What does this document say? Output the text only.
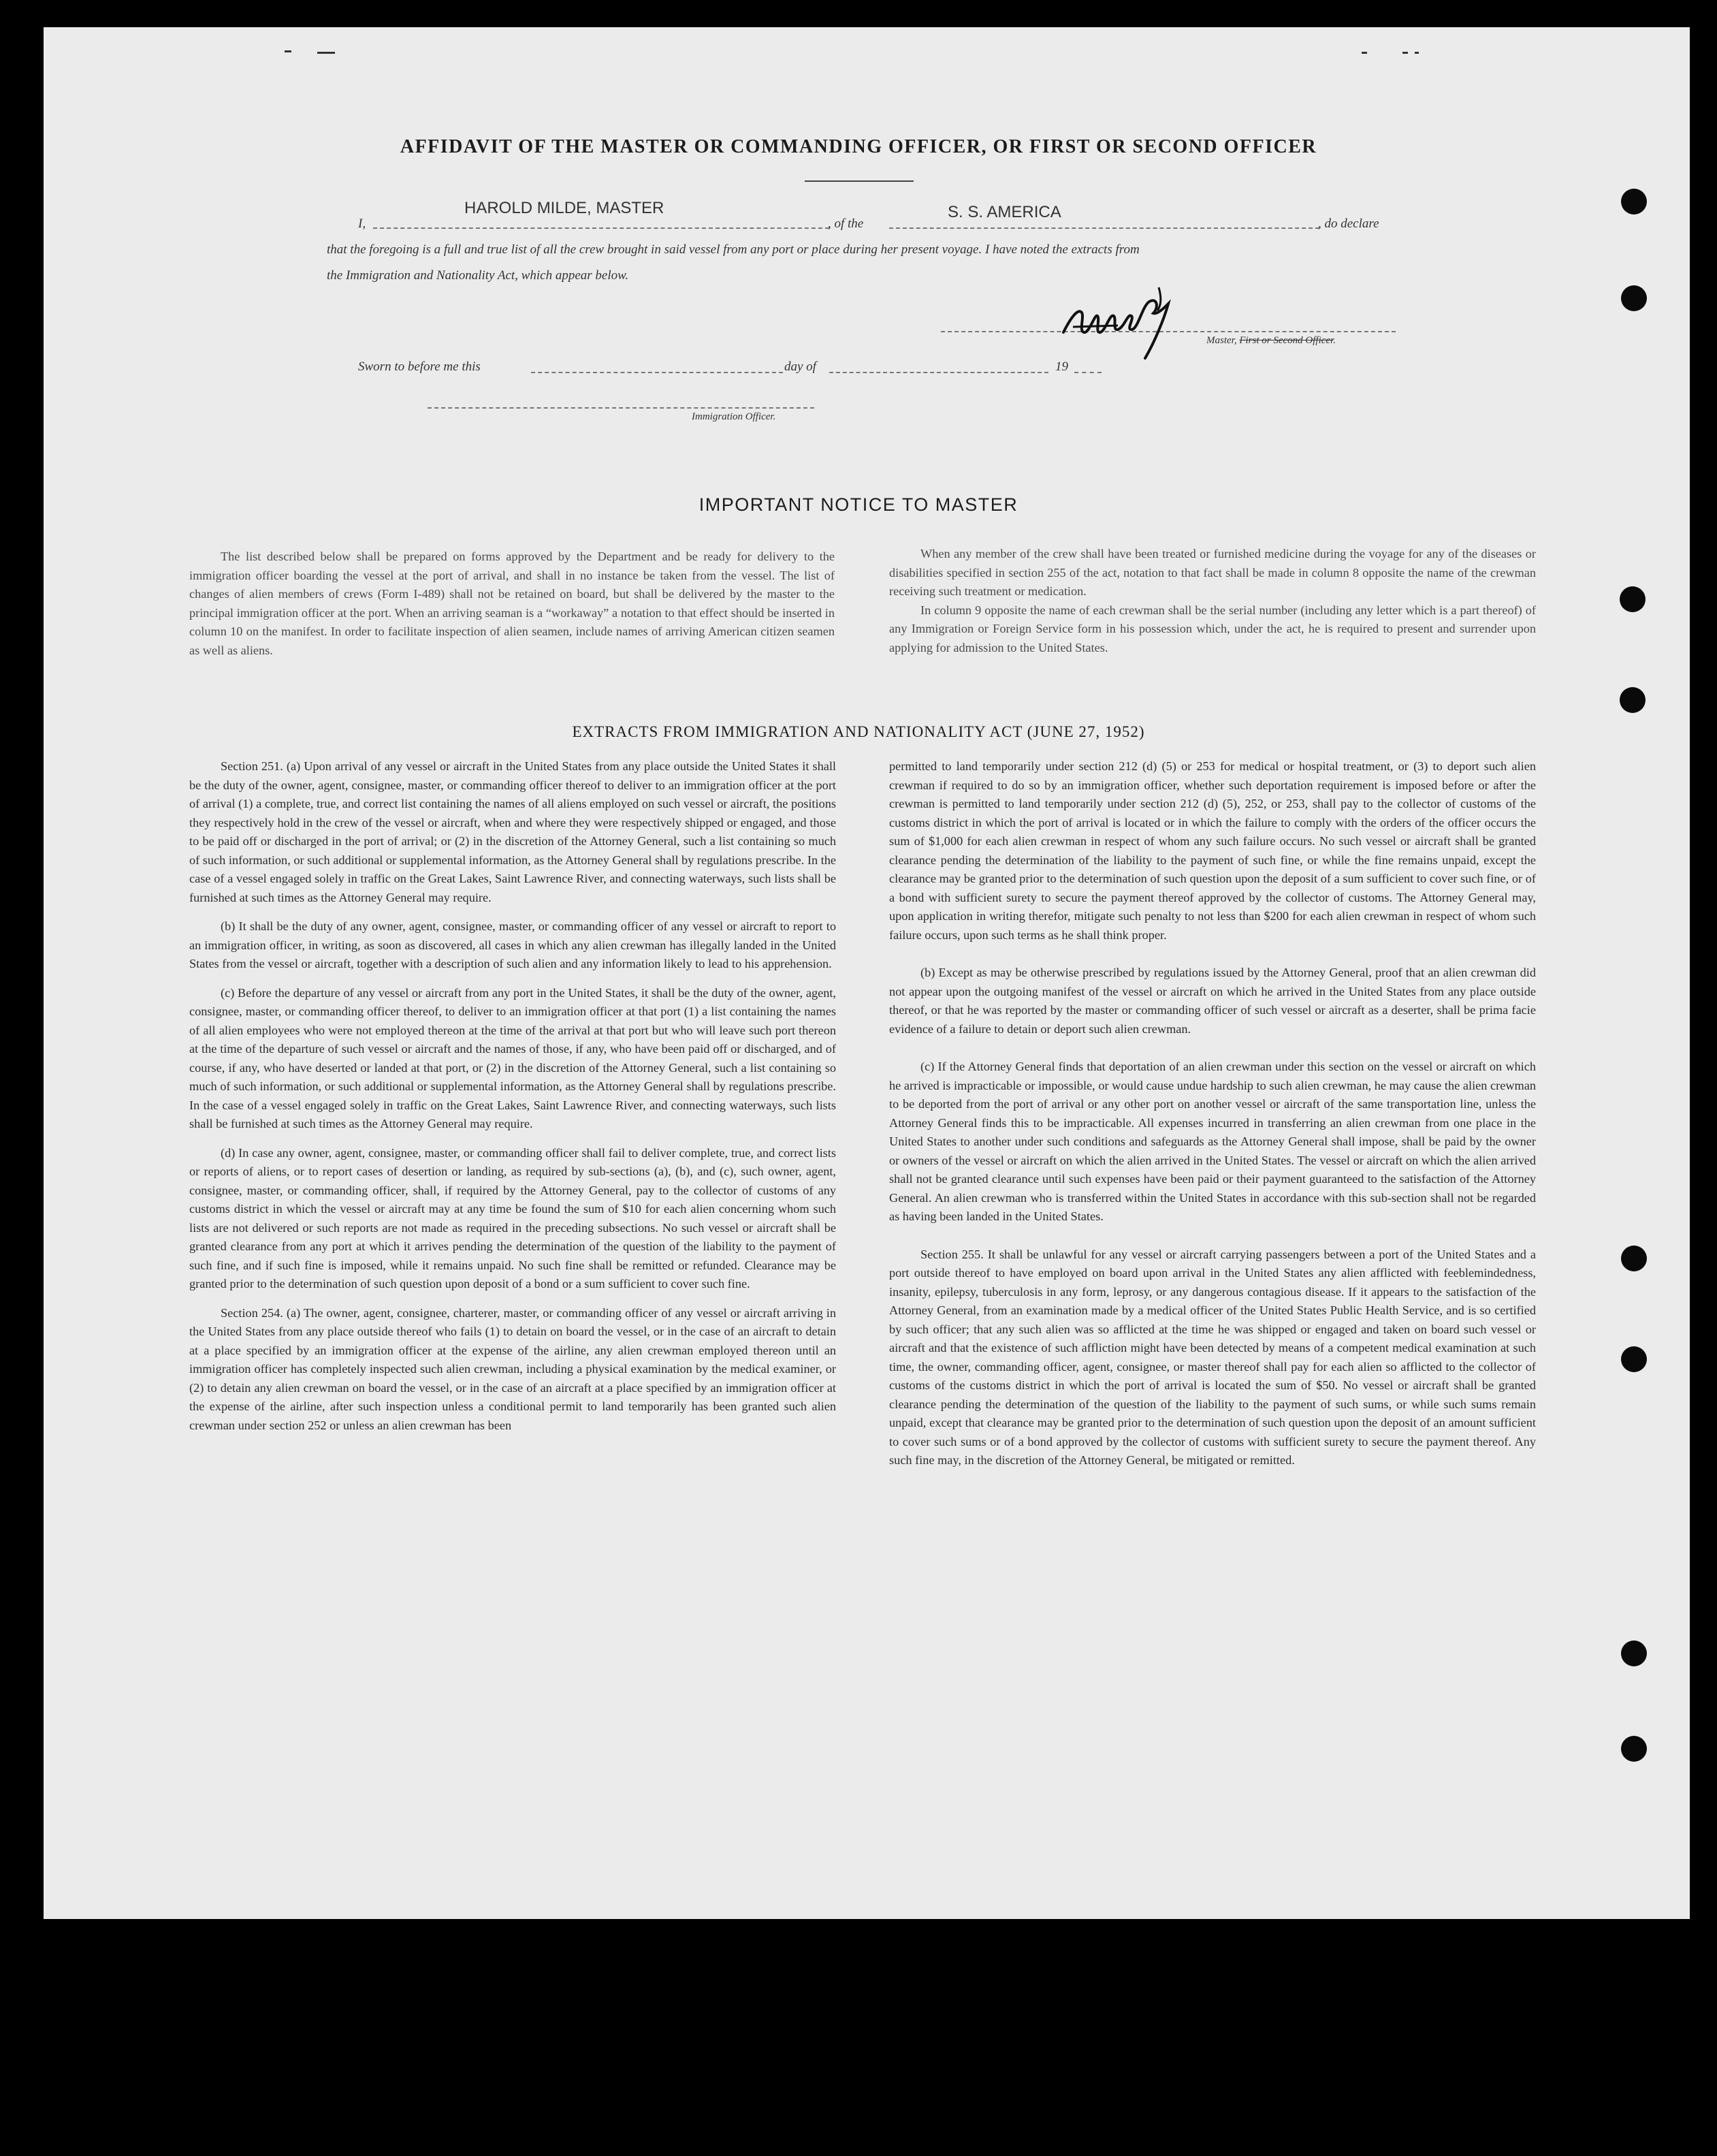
AFFIDAVIT OF THE MASTER OR COMMANDING OFFICER, OR FIRST OR SECOND OFFICER
I,
HAROLD MILDE, MASTER
, of the
S. S. AMERICA
, do declare
that the foregoing is a full and true list of all the crew brought in said vessel from any port or place during her present voyage. I have noted the extracts from
the Immigration and Nationality Act, which appear below.
Master, First or Second Officer.
Sworn to before me this	day of	19
Immigration Officer.
IMPORTANT NOTICE TO MASTER

The list described below shall be prepared on forms approved by the Department and be ready for delivery to the immigration officer boarding the vessel at the port of arrival, and shall in no instance be taken from the vessel. The list of changes of alien members of crews (Form I-489) shall not be retained on board, but shall be delivered by the master to the principal immigration officer at the port. When an arriving seaman is a “workaway” a notation to that effect should be inserted in column 10 on the manifest. In order to facilitate inspection of alien seamen, include names of arriving American citizen seamen as well as aliens.

When any member of the crew shall have been treated or furnished medicine during the voyage for any of the diseases or disabilities specified in section 255 of the act, notation to that fact shall be made in column 8 opposite the name of the crewman receiving such treatment or medication.

In column 9 opposite the name of each crewman shall be the serial number (including any letter which is a part thereof) of any Immigration or Foreign Service form in his possession which, under the act, he is required to present and surrender upon applying for admission to the United States.

EXTRACTS FROM IMMIGRATION AND NATIONALITY ACT (JUNE 27, 1952)

Section 251. (a) Upon arrival of any vessel or aircraft in the United States from any place outside the United States it shall be the duty of the owner, agent, consignee, master, or commanding officer thereof to deliver to an immigration officer at the port of arrival (1) a complete, true, and correct list containing the names of all aliens employed on such vessel or aircraft, the positions they respectively hold in the crew of the vessel or aircraft, when and where they were respectively shipped or engaged, and those to be paid off or discharged in the port of arrival; or (2) in the discretion of the Attorney General, such a list containing so much of such information, or such additional or supplemental information, as the Attorney General shall by regulations prescribe. In the case of a vessel engaged solely in traffic on the Great Lakes, Saint Lawrence River, and connecting waterways, such lists shall be furnished at such times as the Attorney General may require.

(b) It shall be the duty of any owner, agent, consignee, master, or commanding officer of any vessel or aircraft to report to an immigration officer, in writing, as soon as discovered, all cases in which any alien crewman has illegally landed in the United States from the vessel or aircraft, together with a description of such alien and any information likely to lead to his apprehension.

(c) Before the departure of any vessel or aircraft from any port in the United States, it shall be the duty of the owner, agent, consignee, master, or commanding officer thereof, to deliver to an immigration officer at that port (1) a list containing the names of all alien employees who were not employed thereon at the time of the arrival at that port but who will leave such port thereon at the time of the departure of such vessel or aircraft and the names of those, if any, who have been paid off or discharged, and of course, if any, who have deserted or landed at that port, or (2) in the discretion of the Attorney General, such a list containing so much of such information, or such additional or supplemental information, as the Attorney General shall by regulations prescribe. In the case of a vessel engaged solely in traffic on the Great Lakes, Saint Lawrence River, and connecting waterways, such lists shall be furnished at such times as the Attorney General may require.

(d) In case any owner, agent, consignee, master, or commanding officer shall fail to deliver complete, true, and correct lists or reports of aliens, or to report cases of desertion or landing, as required by sub-sections (a), (b), and (c), such owner, agent, consignee, master, or commanding officer, shall, if required by the Attorney General, pay to the collector of customs of any customs district in which the vessel or aircraft may at any time be found the sum of $10 for each alien concerning whom such lists are not delivered or such reports are not made as required in the preceding subsections. No such vessel or aircraft shall be granted clearance from any port at which it arrives pending the determination of the question of the liability to the payment of such fine, and if such fine is imposed, while it remains unpaid. No such fine shall be remitted or refunded. Clearance may be granted prior to the determination of such question upon deposit of a bond or a sum sufficient to cover such fine.

Section 254. (a) The owner, agent, consignee, charterer, master, or commanding officer of any vessel or aircraft arriving in the United States from any place outside thereof who fails (1) to detain on board the vessel, or in the case of an aircraft to detain at a place specified by an immigration officer at the expense of the airline, any alien crewman employed thereon until an immigration officer has completely inspected such alien crewman, including a physical examination by the medical examiner, or (2) to detain any alien crewman on board the vessel, or in the case of an aircraft at a place specified by an immigration officer at the expense of the airline, after such inspection unless a conditional permit to land temporarily has been granted such alien crewman under section 252 or unless an alien crewman has been

permitted to land temporarily under section 212 (d) (5) or 253 for medical or hospital treatment, or (3) to deport such alien crewman if required to do so by an immigration officer, whether such deportation requirement is imposed before or after the crewman is permitted to land temporarily under section 212 (d) (5), 252, or 253, shall pay to the collector of customs of the customs district in which the port of arrival is located or in which the failure to comply with the orders of the officer occurs the sum of $1,000 for each alien crewman in respect of whom any such failure occurs. No such vessel or aircraft shall be granted clearance pending the determination of the liability to the payment of such fine, or while the fine remains unpaid, except the clearance may be granted prior to the determination of such question upon the deposit of a sum sufficient to cover such fine, or of a bond with sufficient surety to secure the payment thereof approved by the collector of customs. The Attorney General may, upon application in writing therefor, mitigate such penalty to not less than $200 for each alien crewman in respect of whom such failure occurs, upon such terms as he shall think proper.

(b) Except as may be otherwise prescribed by regulations issued by the Attorney General, proof that an alien crewman did not appear upon the outgoing manifest of the vessel or aircraft on which he arrived in the United States from any place outside thereof, or that he was reported by the master or commanding officer of such vessel or aircraft as a deserter, shall be prima facie evidence of a failure to detain or deport such alien crewman.

(c) If the Attorney General finds that deportation of an alien crewman under this section on the vessel or aircraft on which he arrived is impracticable or impossible, or would cause undue hardship to such alien crewman, he may cause the alien crewman to be deported from the port of arrival or any other port on another vessel or aircraft of the same transportation line, unless the Attorney General finds this to be impracticable. All expenses incurred in transferring an alien crewman from one place in the United States to another under such conditions and safeguards as the Attorney General shall impose, shall be paid by the owner or owners of the vessel or aircraft on which the alien arrived in the United States. The vessel or aircraft on which the alien arrived shall not be granted clearance until such expenses have been paid or their payment guaranteed to the satisfaction of the Attorney General. An alien crewman who is transferred within the United States in accordance with this sub-section shall not be regarded as having been landed in the United States.

Section 255. It shall be unlawful for any vessel or aircraft carrying passengers between a port of the United States and a port outside thereof to have employed on board upon arrival in the United States any alien afflicted with feeblemindedness, insanity, epilepsy, tuberculosis in any form, leprosy, or any dangerous contagious disease. If it appears to the satisfaction of the Attorney General, from an examination made by a medical officer of the United States Public Health Service, and is so certified by such officer; that any such alien was so afflicted at the time he was shipped or engaged and taken on board such vessel or aircraft and that the existence of such affliction might have been detected by means of a competent medical examination at such time, the owner, commanding officer, agent, consignee, or master thereof shall pay for each alien so afflicted to the collector of customs of the customs district in which the port of arrival is located the sum of $50. No vessel or aircraft shall be granted clearance pending the determination of the question of the liability to the payment of such sums, or while such sums remain unpaid, except that clearance may be granted prior to the determination of such question upon the deposit of an amount sufficient to cover such sums or of a bond approved by the collector of customs with sufficient surety to secure the payment thereof. Any such fine may, in the discretion of the Attorney General, be mitigated or remitted.
